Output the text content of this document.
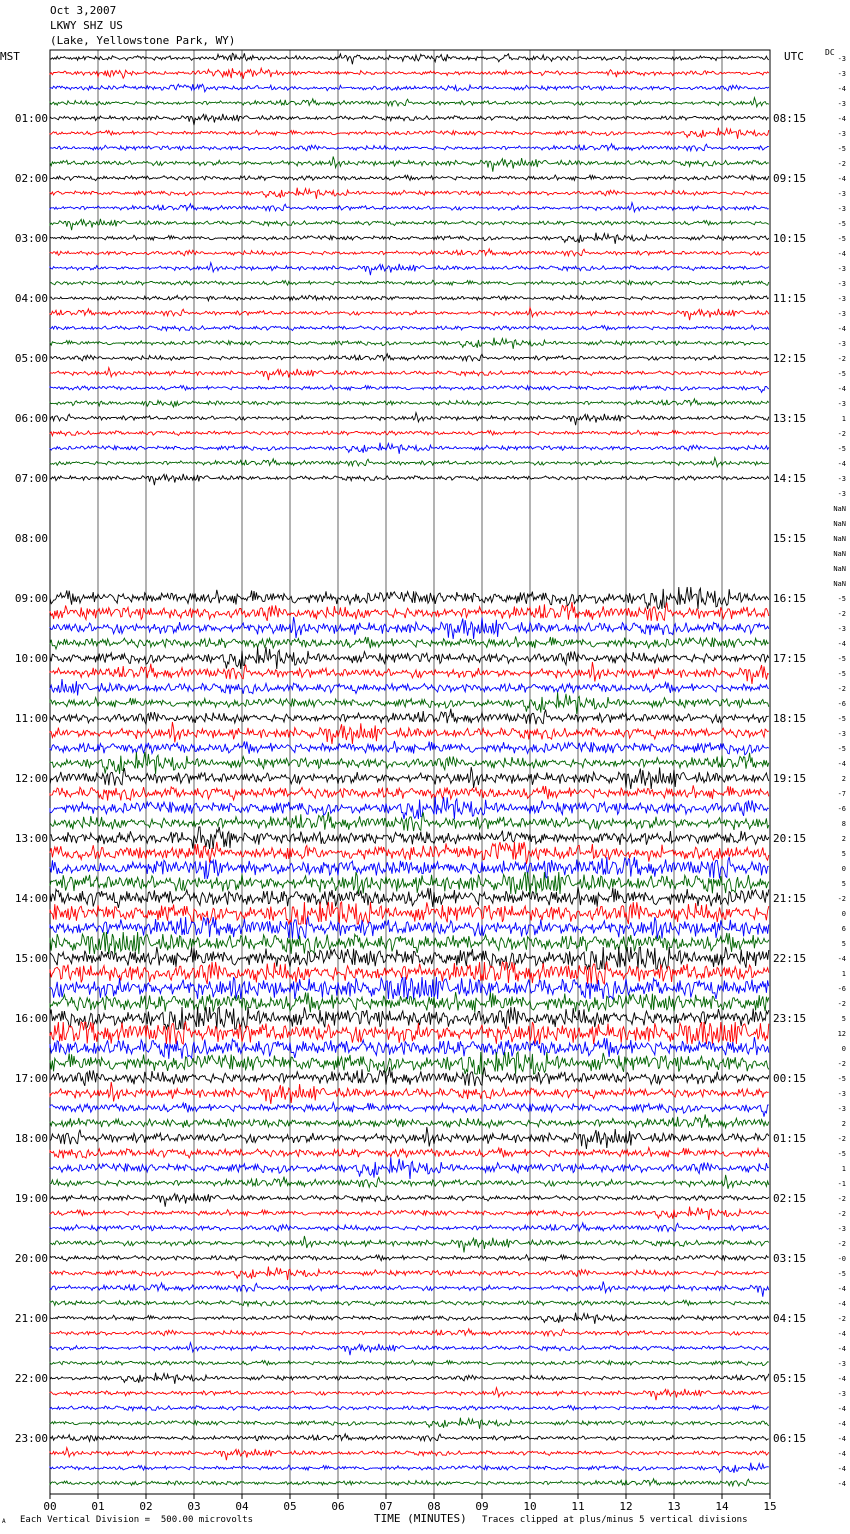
Oct 3,2007
LKWY SHZ US
(Lake, Yellowstone Park, WY)
MST	UTC	DC
-3
-3
-4
-3
-4
-3
-5
-2
-4
-3
-3
-5
-5
-4
-3
-3
-3
-3
-4
-3
-2
-5
-4
-3
1
-2
-5
-4
-3
-3
NaN
NaN
NaN
NaN
NaN
NaN
-5
-2
-3
-4
-5
-5
-2
-6
-5
-3
-5
-4
2
-7
-6
8
2
5
0
5
-2
0
6
5
-4
1
-6
-2
5
12
0
-2
-5
-3
-3
2
-2
-5
1
-1
-2
-2
-3
-2
-0
-5
-4
-4
-2
-4
-4
-3
-4
-3
-4
-4
-4
-4
-4
-4
01:00	08:15
02:00	09:15
03:00	10:15
04:00	11:15
05:00	12:15
06:00	13:15
07:00	14:15
08:00	15:15
09:00	16:15
10:00	17:15
11:00	18:15
12:00	19:15
13:00	20:15
14:00	21:15
15:00	22:15
16:00	23:15
17:00	00:15
18:00	01:15
19:00	02:15
20:00	03:15
21:00	04:15
22:00	05:15
23:00	06:15
00	01	02	03	04	05	06	07	08	09	10	11	12	13	14	15
Each Vertical Division =  500.00 microvolts	TIME (MINUTES) Traces clipped at plus/minus 5 vertical divisions
A
